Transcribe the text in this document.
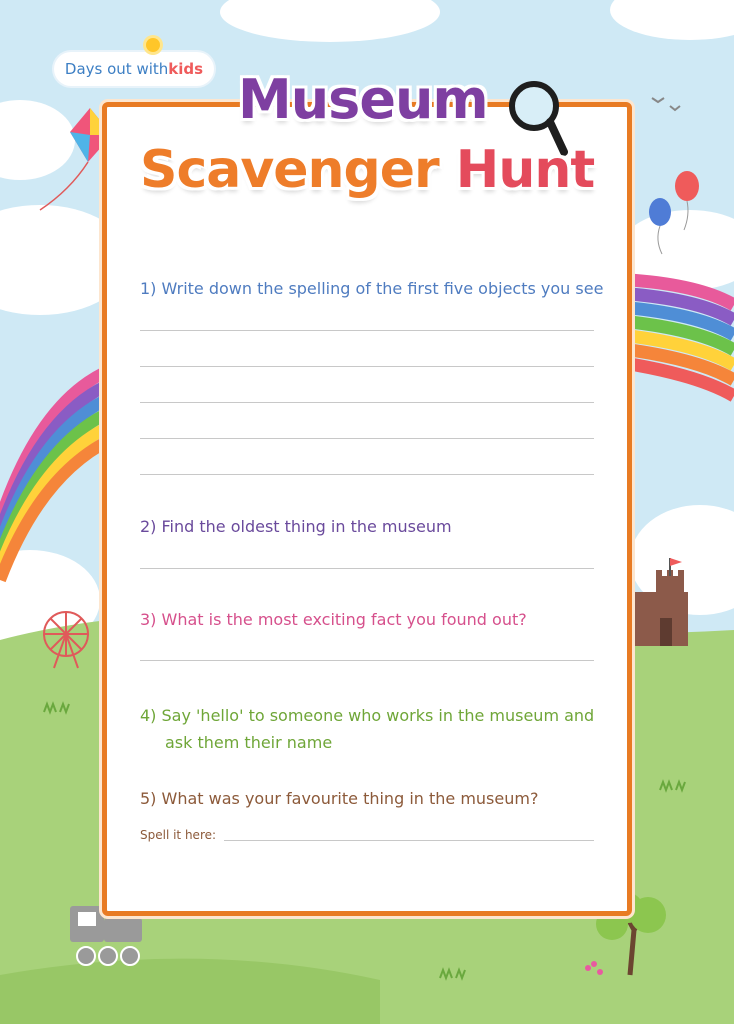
Days out with kids Museum
Scavenger Hunt
1) Write down the spelling of the first five objects you see
2) Find the oldest thing in the museum
3) What is the most exciting fact you found out?
4) Say 'hello' to someone who works in the museum and
ask them their name
5) What was your favourite thing in the museum?
Spell it here:
